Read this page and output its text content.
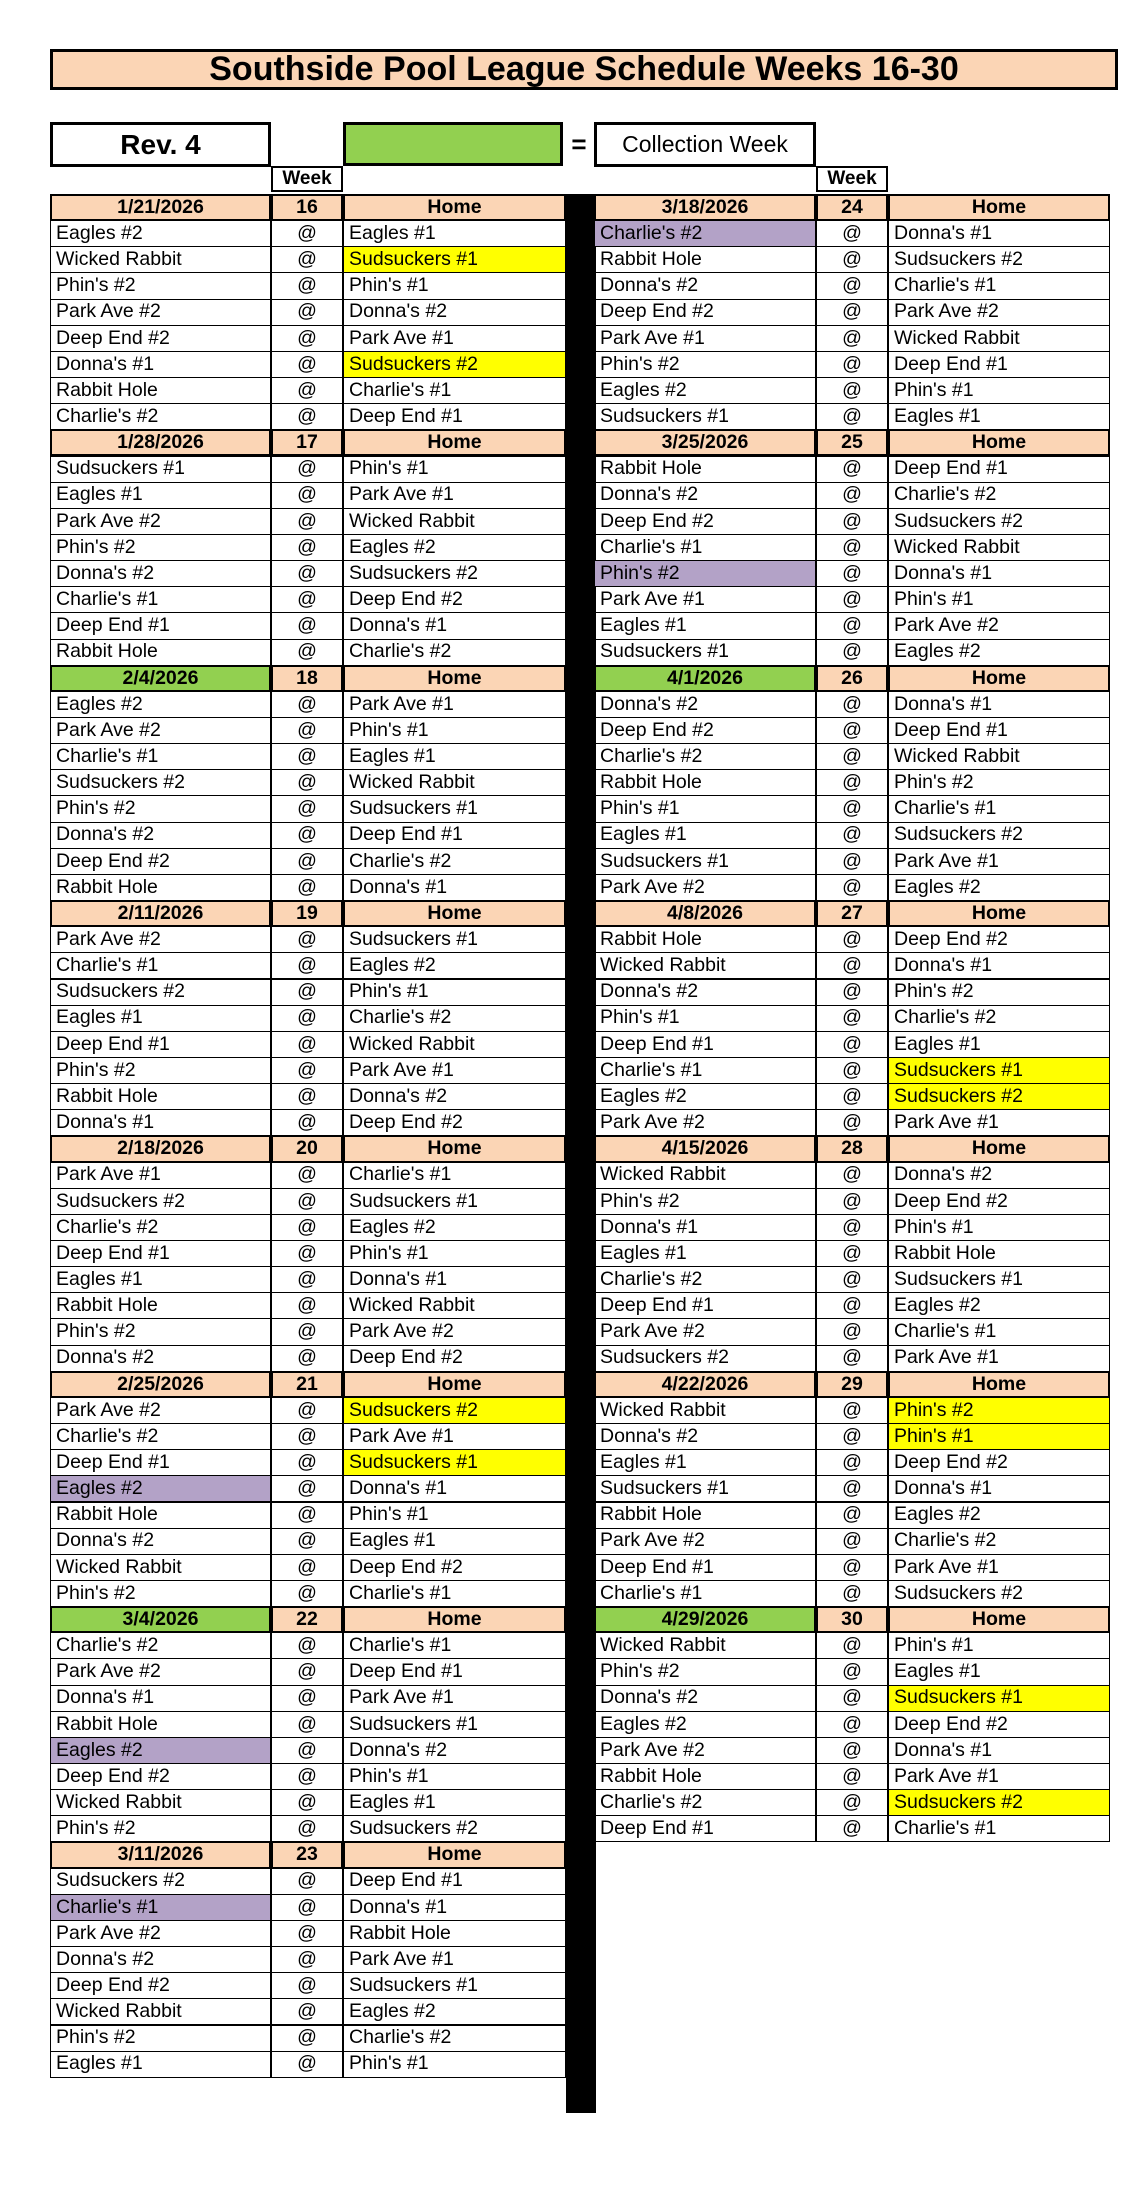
Southside Pool League Schedule Weeks 16-30
Rev. 4	=	Collection Week
Week	Week
1/21/2026	16	Home
Eagles #2	@	Eagles #1
Wicked Rabbit	@	Sudsuckers #1
Phin's #2	@	Phin's #1
Park Ave #2	@	Donna's #2
Deep End #2	@	Park Ave #1
Donna's #1	@	Sudsuckers #2
Rabbit Hole	@	Charlie's #1
Charlie's #2	@	Deep End #1
1/28/2026	17	Home
Sudsuckers #1	@	Phin's #1
Eagles #1	@	Park Ave #1
Park Ave #2	@	Wicked Rabbit
Phin's #2	@	Eagles #2
Donna's #2	@	Sudsuckers #2
Charlie's #1	@	Deep End #2
Deep End #1	@	Donna's #1
Rabbit Hole	@	Charlie's #2
2/4/2026	18	Home
Eagles #2	@	Park Ave #1
Park Ave #2	@	Phin's #1
Charlie's #1	@	Eagles #1
Sudsuckers #2	@	Wicked Rabbit
Phin's #2	@	Sudsuckers #1
Donna's #2	@	Deep End #1
Deep End #2	@	Charlie's #2
Rabbit Hole	@	Donna's #1
2/11/2026	19	Home
Park Ave #2	@	Sudsuckers #1
Charlie's #1	@	Eagles #2
Sudsuckers #2	@	Phin's #1
Eagles #1	@	Charlie's #2
Deep End #1	@	Wicked Rabbit
Phin's #2	@	Park Ave #1
Rabbit Hole	@	Donna's #2
Donna's #1	@	Deep End #2
2/18/2026	20	Home
Park Ave #1	@	Charlie's #1
Sudsuckers #2	@	Sudsuckers #1
Charlie's #2	@	Eagles #2
Deep End #1	@	Phin's #1
Eagles #1	@	Donna's #1
Rabbit Hole	@	Wicked Rabbit
Phin's #2	@	Park Ave #2
Donna's #2	@	Deep End #2
2/25/2026	21	Home
Park Ave #2	@	Sudsuckers #2
Charlie's #2	@	Park Ave #1
Deep End #1	@	Sudsuckers #1
Eagles #2	@	Donna's #1
Rabbit Hole	@	Phin's #1
Donna's #2	@	Eagles #1
Wicked Rabbit	@	Deep End #2
Phin's #2	@	Charlie's #1
3/4/2026	22	Home
Charlie's #2	@	Charlie's #1
Park Ave #2	@	Deep End #1
Donna's #1	@	Park Ave #1
Rabbit Hole	@	Sudsuckers #1
Eagles #2	@	Donna's #2
Deep End #2	@	Phin's #1
Wicked Rabbit	@	Eagles #1
Phin's #2	@	Sudsuckers #2
3/11/2026	23	Home
Sudsuckers #2	@	Deep End #1
Charlie's #1	@	Donna's #1
Park Ave #2	@	Rabbit Hole
Donna's #2	@	Park Ave #1
Deep End #2	@	Sudsuckers #1
Wicked Rabbit	@	Eagles #2
Phin's #2	@	Charlie's #2
Eagles #1	@	Phin's #1
3/18/2026	24	Home
Charlie's #2	@	Donna's #1
Rabbit Hole	@	Sudsuckers #2
Donna's #2	@	Charlie's #1
Deep End #2	@	Park Ave #2
Park Ave #1	@	Wicked Rabbit
Phin's #2	@	Deep End #1
Eagles #2	@	Phin's #1
Sudsuckers #1	@	Eagles #1
3/25/2026	25	Home
Rabbit Hole	@	Deep End #1
Donna's #2	@	Charlie's #2
Deep End #2	@	Sudsuckers #2
Charlie's #1	@	Wicked Rabbit
Phin's #2	@	Donna's #1
Park Ave #1	@	Phin's #1
Eagles #1	@	Park Ave #2
Sudsuckers #1	@	Eagles #2
4/1/2026	26	Home
Donna's #2	@	Donna's #1
Deep End #2	@	Deep End #1
Charlie's #2	@	Wicked Rabbit
Rabbit Hole	@	Phin's #2
Phin's #1	@	Charlie's #1
Eagles #1	@	Sudsuckers #2
Sudsuckers #1	@	Park Ave #1
Park Ave #2	@	Eagles #2
4/8/2026	27	Home
Rabbit Hole	@	Deep End #2
Wicked Rabbit	@	Donna's #1
Donna's #2	@	Phin's #2
Phin's #1	@	Charlie's #2
Deep End #1	@	Eagles #1
Charlie's #1	@	Sudsuckers #1
Eagles #2	@	Sudsuckers #2
Park Ave #2	@	Park Ave #1
4/15/2026	28	Home
Wicked Rabbit	@	Donna's #2
Phin's #2	@	Deep End #2
Donna's #1	@	Phin's #1
Eagles #1	@	Rabbit Hole
Charlie's #2	@	Sudsuckers #1
Deep End #1	@	Eagles #2
Park Ave #2	@	Charlie's #1
Sudsuckers #2	@	Park Ave #1
4/22/2026	29	Home
Wicked Rabbit	@	Phin's #2
Donna's #2	@	Phin's #1
Eagles #1	@	Deep End #2
Sudsuckers #1	@	Donna's #1
Rabbit Hole	@	Eagles #2
Park Ave #2	@	Charlie's #2
Deep End #1	@	Park Ave #1
Charlie's #1	@	Sudsuckers #2
4/29/2026	30	Home
Wicked Rabbit	@	Phin's #1
Phin's #2	@	Eagles #1
Donna's #2	@	Sudsuckers #1
Eagles #2	@	Deep End #2
Park Ave #2	@	Donna's #1
Rabbit Hole	@	Park Ave #1
Charlie's #2	@	Sudsuckers #2
Deep End #1	@	Charlie's #1
